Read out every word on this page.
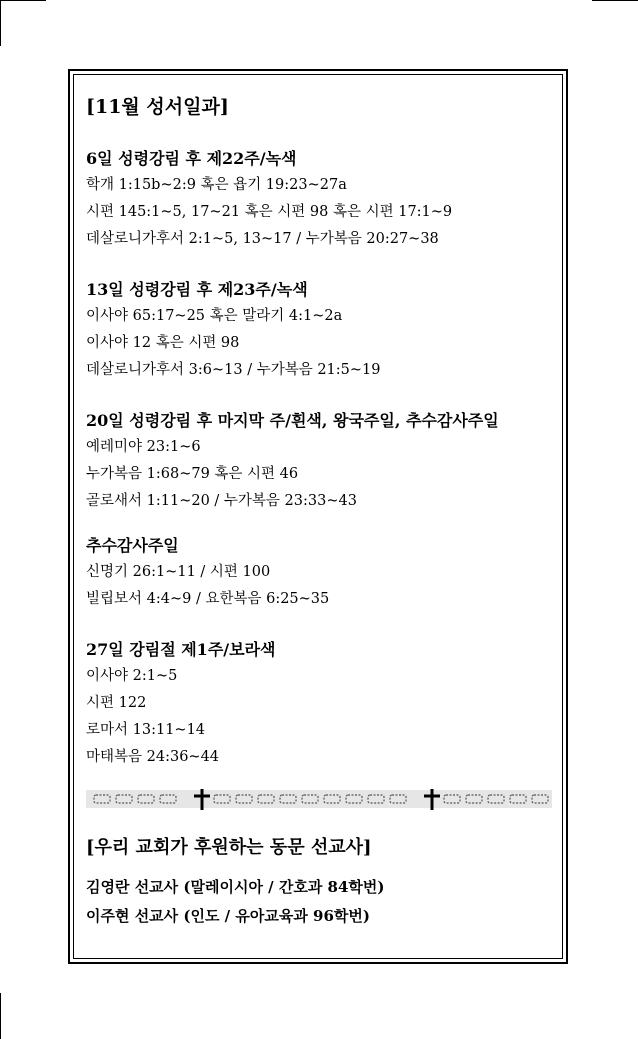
[11월 성서일과]
6일 성령강림 후 제22주/녹색
학개 1:15b~2:9 혹은 욥기 19:23~27a
시편 145:1~5, 17~21 혹은 시편 98 혹은 시편 17:1~9
데살로니가후서 2:1~5, 13~17 / 누가복음 20:27~38
13일 성령강림 후 제23주/녹색
이사야 65:17~25 혹은 말라기 4:1~2a
이사야 12 혹은 시편 98
데살로니가후서 3:6~13 / 누가복음 21:5~19
20일 성령강림 후 마지막 주/흰색, 왕국주일, 추수감사주일
예레미야 23:1~6
누가복음 1:68~79 혹은 시편 46
골로새서 1:11~20 / 누가복음 23:33~43
추수감사주일
신명기 26:1~11 / 시편 100
빌립보서 4:4~9 / 요한복음 6:25~35
27일 강림절 제1주/보라색
이사야 2:1~5
시편 122
로마서 13:11~14
마태복음 24:36~44
[우리 교회가 후원하는 동문 선교사]
김영란 선교사 (말레이시아 / 간호과 84학번)
이주현 선교사 (인도 / 유아교육과 96학번)
